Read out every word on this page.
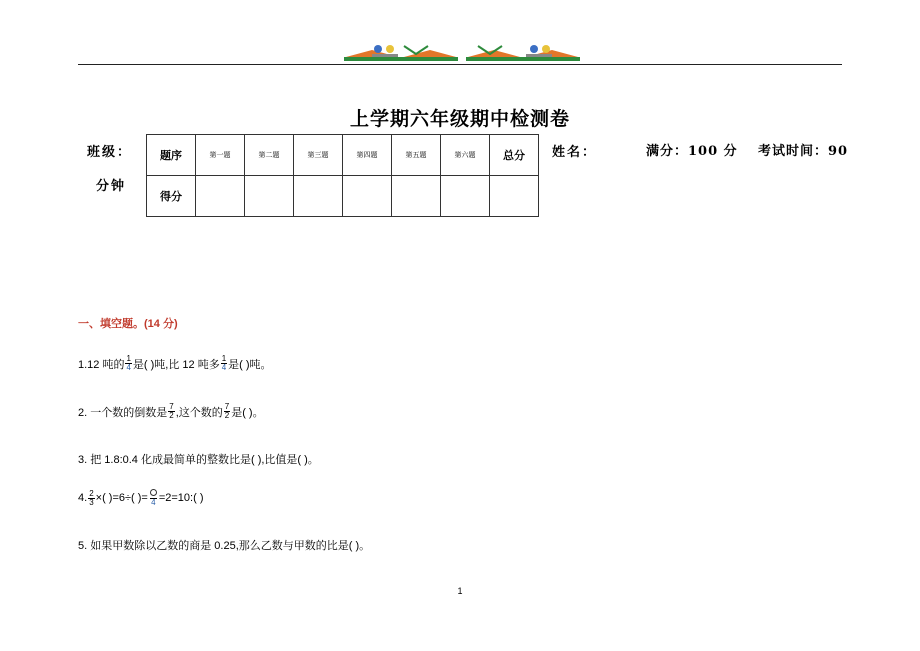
上学期六年级期中检测卷
班级：
分钟
姓名：	满分：100 分 考试时间：90
题序	第一题	第二题	第三题	第四题	第五题	第六题	总分
得分							
一、填空题。(14 分)
1.12 吨的 $\frac{1}{4}$ 是( )吨,比 12 吨多 $\frac{1}{4}$ 是( )吨。
2. 一个数的倒数是 $\frac{7}{2}$ ,这个数的 $\frac{7}{2}$ 是( )。
3. 把 1.8:0.4 化成最简单的整数比是( ),比值是( )。
4. $\frac{2}{3}$ ×( )=6÷( )= 4 =2=10:( )
5. 如果甲数除以乙数的商是 0.25,那么乙数与甲数的比是( )。
1
